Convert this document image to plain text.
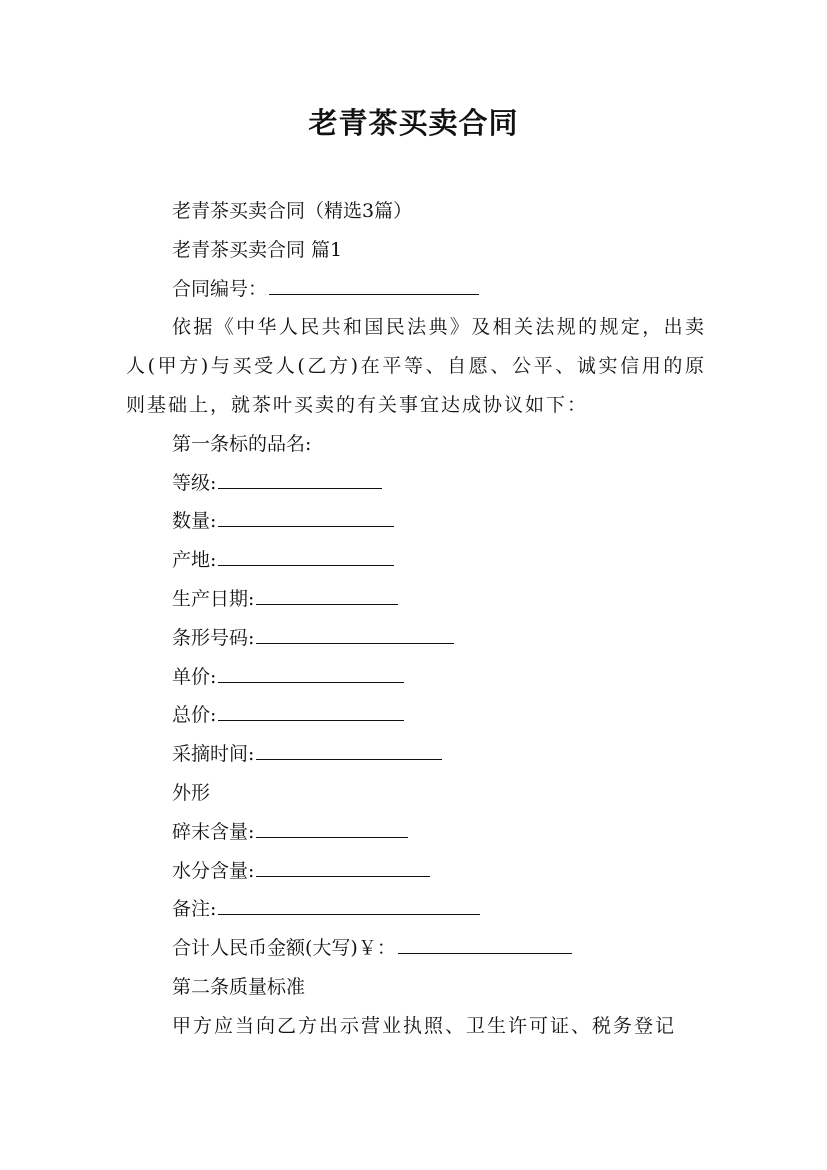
老青茶买卖合同
老青茶买卖合同（精选3篇）
老青茶买卖合同 篇1
合同编号：
依据《中华人民共和国民法典》及相关法规的规定，出卖人(甲方)与买受人(乙方)在平等、自愿、公平、诚实信用的原则基础上，就茶叶买卖的有关事宜达成协议如下：
第一条标的品名:
等级:
数量:
产地:
生产日期:
条形号码:
单价:
总价:
采摘时间:
外形
碎末含量:
水分含量:
备注:
合计人民币金额(大写)￥：
第二条质量标准
甲方应当向乙方出示营业执照、卫生许可证、税务登记
